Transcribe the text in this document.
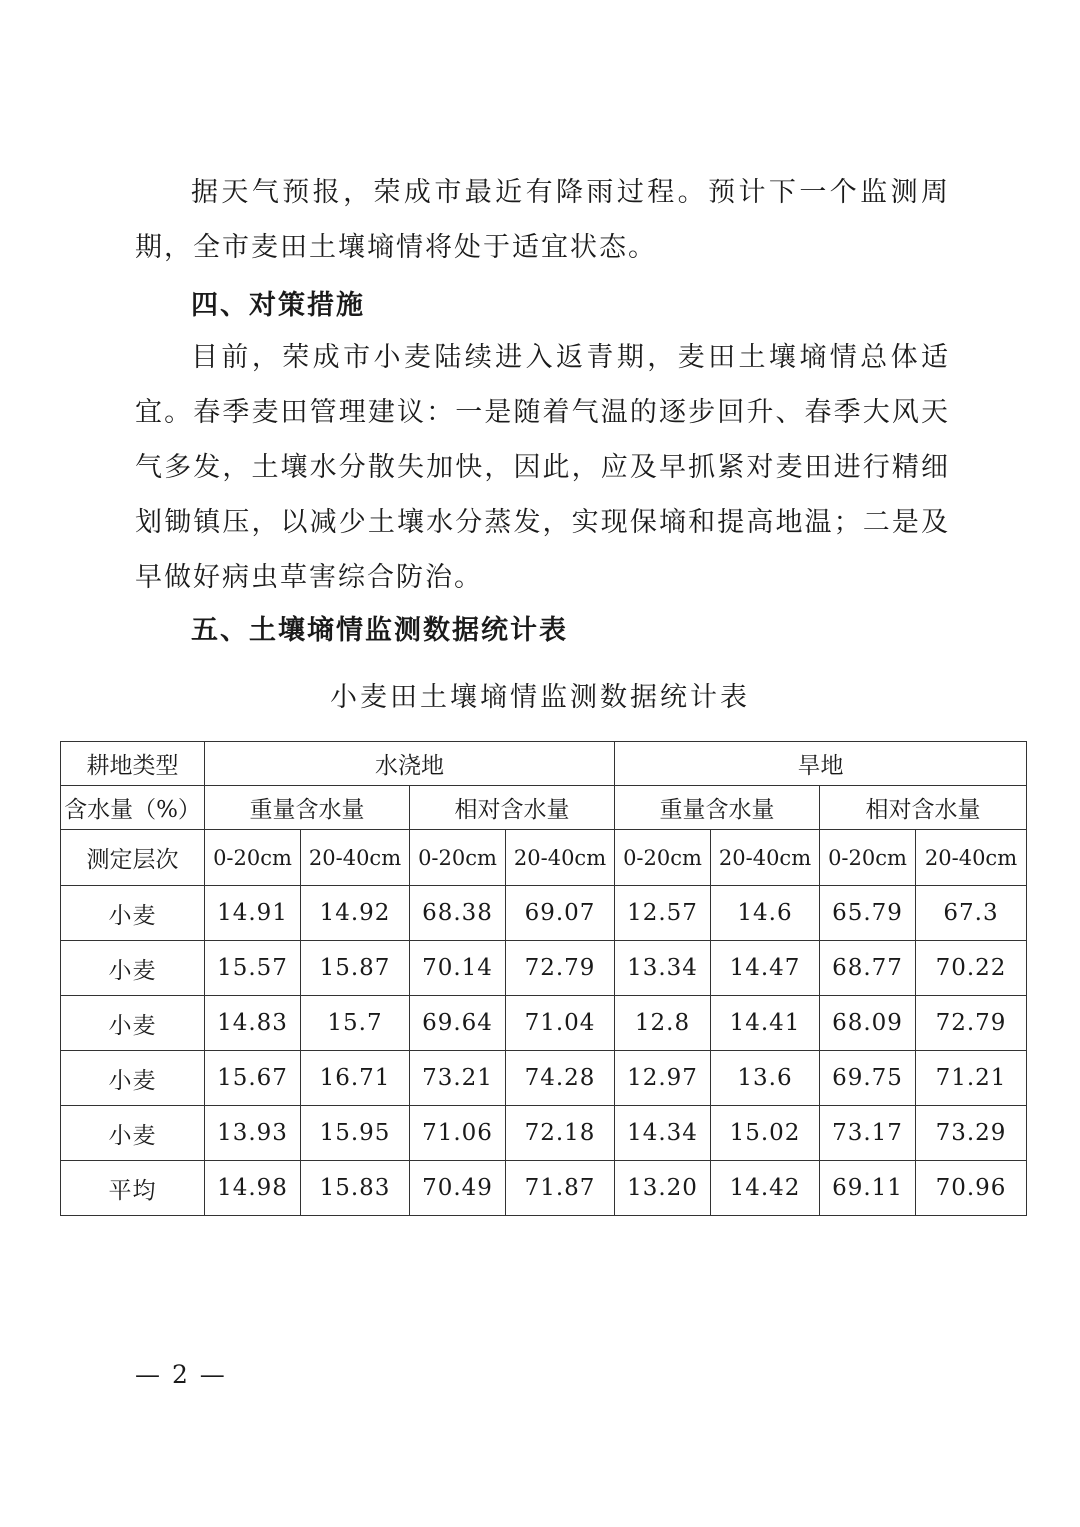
据天气预报，荣成市最近有降雨过程。预计下一个监测周期，全市麦田土壤墒情将处于适宜状态。

四、对策措施

目前，荣成市小麦陆续进入返青期，麦田土壤墒情总体适宜。春季麦田管理建议：一是随着气温的逐步回升、春季大风天气多发，土壤水分散失加快，因此，应及早抓紧对麦田进行精细划锄镇压，以减少土壤水分蒸发，实现保墒和提高地温；二是及早做好病虫草害综合防治。

五、土壤墒情监测数据统计表

小麦田土壤墒情监测数据统计表

耕地类型	水浇地				旱地			
含水量（%）	重量含水量		相对含水量		重量含水量		相对含水量	
测定层次	0-20cm	20-40cm	0-20cm	20-40cm	0-20cm	20-40cm	0-20cm	20-40cm
小麦	14.91	14.92	68.38	69.07	12.57	14.6	65.79	67.3
小麦	15.57	15.87	70.14	72.79	13.34	14.47	68.77	70.22
小麦	14.83	15.7	69.64	71.04	12.8	14.41	68.09	72.79
小麦	15.67	16.71	73.21	74.28	12.97	13.6	69.75	71.21
小麦	13.93	15.95	71.06	72.18	14.34	15.02	73.17	73.29
平均	14.98	15.83	70.49	71.87	13.20	14.42	69.11	70.96
— 2 —
